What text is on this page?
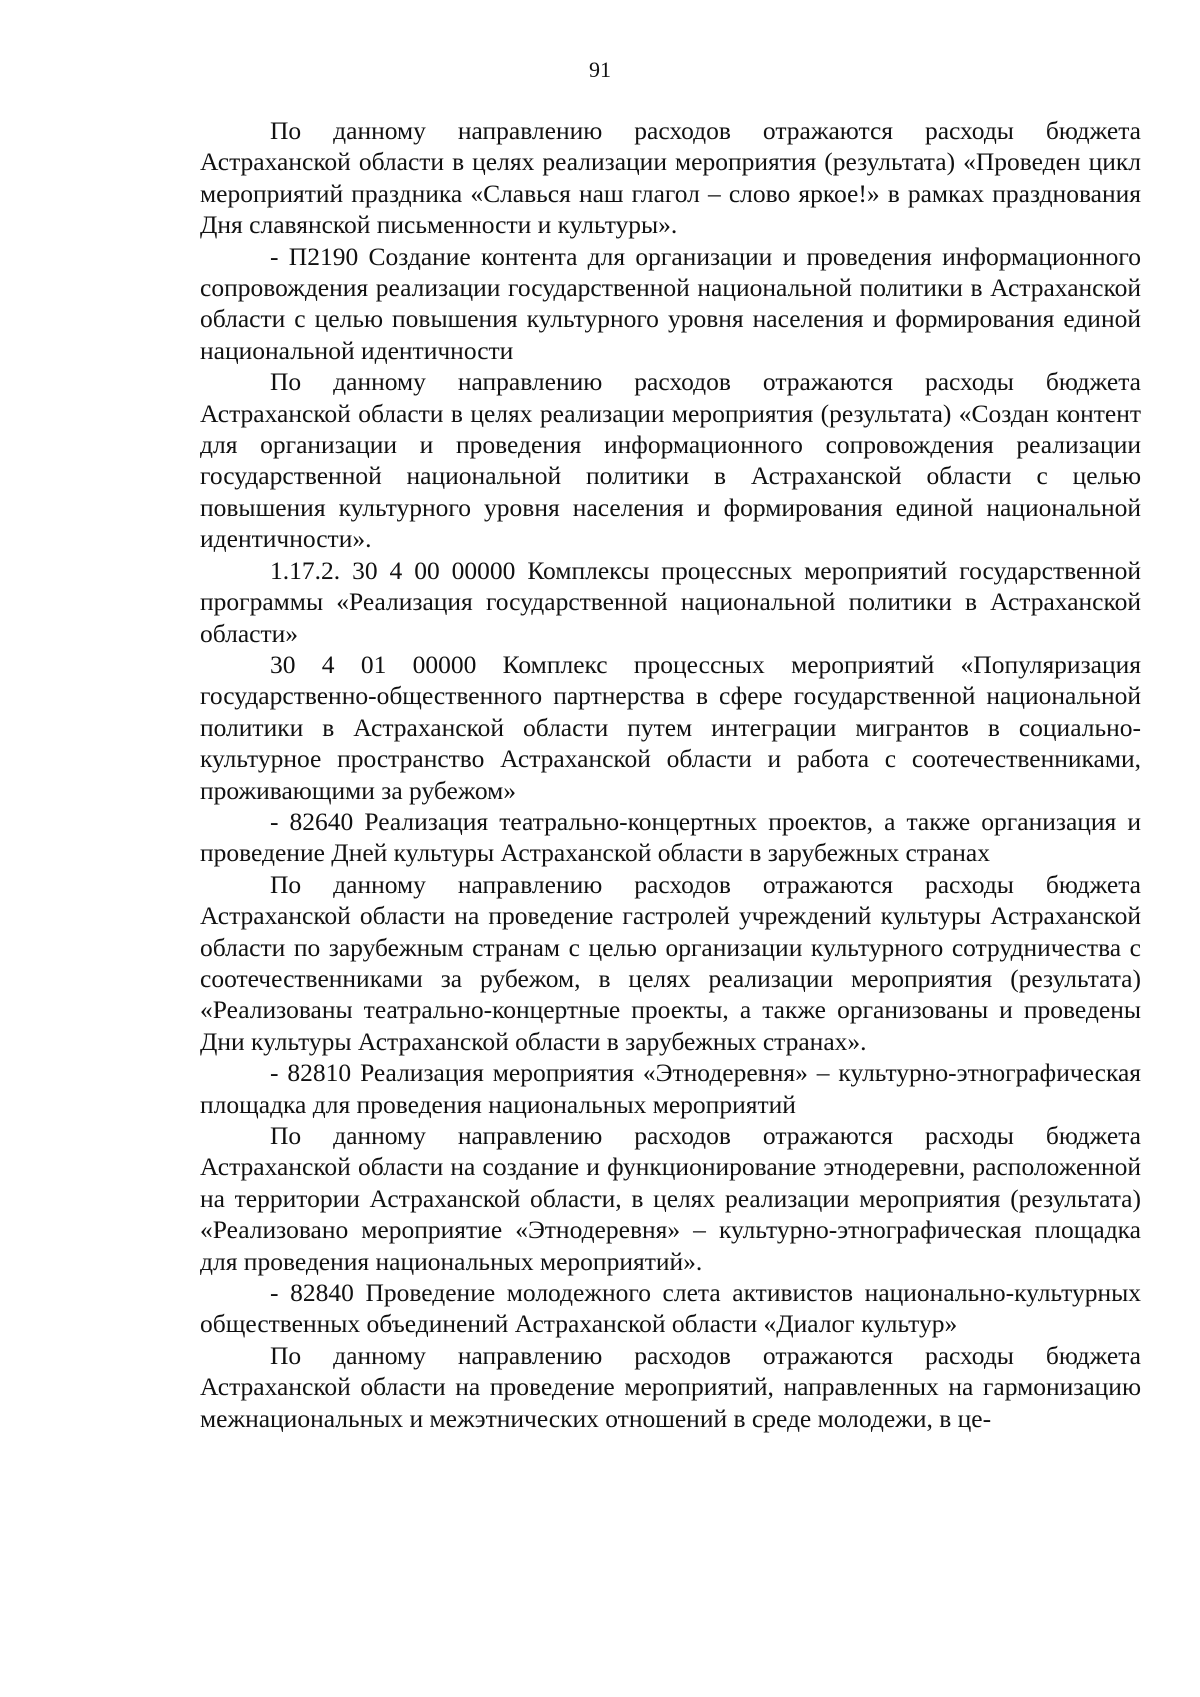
91

По данному направлению расходов отражаются расходы бюджета Астраханской области в целях реализации мероприятия (результата) «Проведен цикл мероприятий праздника «Славься наш глагол – слово яркое!» в рамках празднования Дня славянской письменности и культуры».

- П2190 Создание контента для организации и проведения информационного сопровождения реализации государственной национальной политики в Астраханской области с целью повышения культурного уровня населения и формирования единой национальной идентичности

По данному направлению расходов отражаются расходы бюджета Астраханской области в целях реализации мероприятия (результата) «Создан контент для организации и проведения информационного сопровождения реализации государственной национальной политики в Астраханской области с целью повышения культурного уровня населения и формирования единой национальной идентичности».

1.17.2. 30 4 00 00000 Комплексы процессных мероприятий государственной программы «Реализация государственной национальной политики в Астраханской области»

30 4 01 00000 Комплекс процессных мероприятий «Популяризация государственно-общественного партнерства в сфере государственной национальной политики в Астраханской области путем интеграции мигрантов в социально-культурное пространство Астраханской области и работа с соотечественниками, проживающими за рубежом»

- 82640 Реализация театрально-концертных проектов, а также организация и проведение Дней культуры Астраханской области в зарубежных странах

По данному направлению расходов отражаются расходы бюджета Астраханской области на проведение гастролей учреждений культуры Астраханской области по зарубежным странам с целью организации культурного сотрудничества с соотечественниками за рубежом, в целях реализации мероприятия (результата) «Реализованы театрально-концертные проекты, а также организованы и проведены Дни культуры Астраханской области в зарубежных странах».

- 82810 Реализация мероприятия «Этнодеревня» – культурно-этнографическая площадка для проведения национальных мероприятий

По данному направлению расходов отражаются расходы бюджета Астраханской области на создание и функционирование этнодеревни, расположенной на территории Астраханской области, в целях реализации мероприятия (результата) «Реализовано мероприятие «Этнодеревня» – культурно-этнографическая площадка для проведения национальных мероприятий».

- 82840 Проведение молодежного слета активистов национально-культурных общественных объединений Астраханской области «Диалог культур»

По данному направлению расходов отражаются расходы бюджета Астраханской области на проведение мероприятий, направленных на гармонизацию межнациональных и межэтнических отношений в среде молодежи, в це-
